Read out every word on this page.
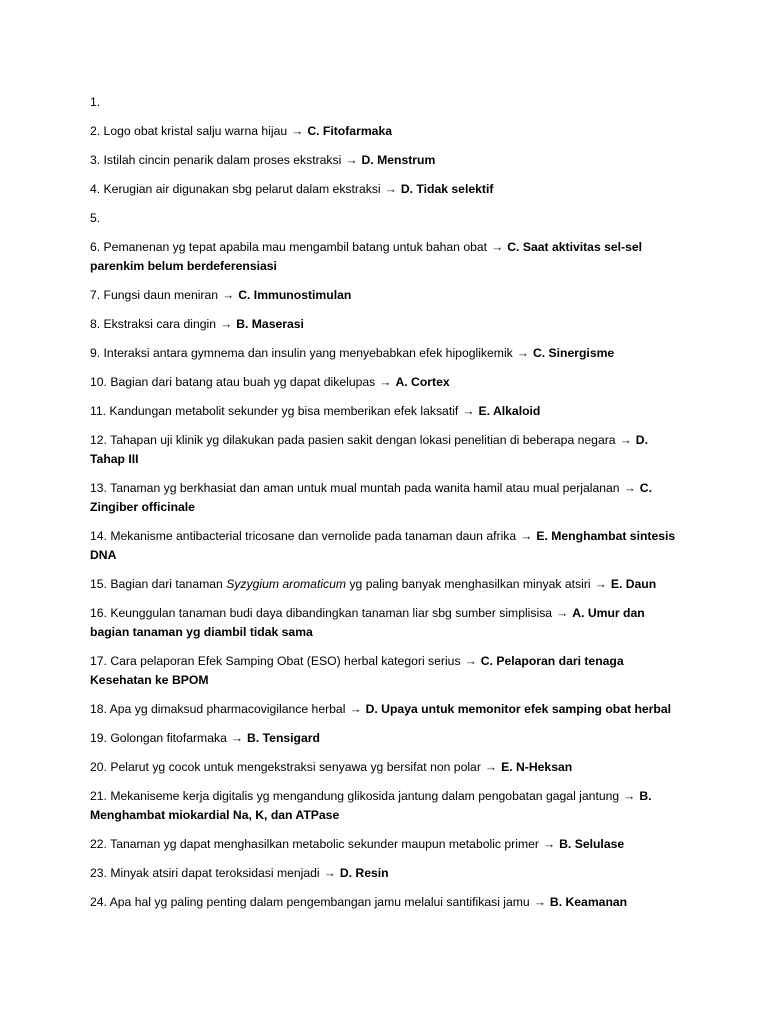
1.
2. Logo obat kristal salju warna hijau → C. Fitofarmaka
3. Istilah cincin penarik dalam proses ekstraksi → D. Menstrum
4. Kerugian air digunakan sbg pelarut dalam ekstraksi → D. Tidak selektif
5.
6. Pemanenan yg tepat apabila mau mengambil batang untuk bahan obat → C. Saat aktivitas sel-sel parenkim belum berdeferensiasi
7. Fungsi daun meniran → C. Immunostimulan
8. Ekstraksi cara dingin → B. Maserasi
9. Interaksi antara gymnema dan insulin yang menyebabkan efek hipoglikemik → C. Sinergisme
10. Bagian dari batang atau buah yg dapat dikelupas → A. Cortex
11. Kandungan metabolit sekunder yg bisa memberikan efek laksatif → E. Alkaloid
12. Tahapan uji klinik yg dilakukan pada pasien sakit dengan lokasi penelitian di beberapa negara → D. Tahap III
13. Tanaman yg berkhasiat dan aman untuk mual muntah pada wanita hamil atau mual perjalanan → C. Zingiber officinale
14. Mekanisme antibacterial tricosane dan vernolide pada tanaman daun afrika → E. Menghambat sintesis DNA
15. Bagian dari tanaman Syzygium aromaticum yg paling banyak menghasilkan minyak atsiri → E. Daun
16. Keunggulan tanaman budi daya dibandingkan tanaman liar sbg sumber simplisisa → A. Umur dan bagian tanaman yg diambil tidak sama
17. Cara pelaporan Efek Samping Obat (ESO) herbal kategori serius → C. Pelaporan dari tenaga Kesehatan ke BPOM
18. Apa yg dimaksud pharmacovigilance herbal → D. Upaya untuk memonitor efek samping obat herbal
19. Golongan fitofarmaka → B. Tensigard
20. Pelarut yg cocok untuk mengekstraksi senyawa yg bersifat non polar → E. N-Heksan
21. Mekaniseme kerja digitalis yg mengandung glikosida jantung dalam pengobatan gagal jantung → B. Menghambat miokardial Na, K, dan ATPase
22. Tanaman yg dapat menghasilkan metabolic sekunder maupun metabolic primer → B. Selulase
23. Minyak atsiri dapat teroksidasi menjadi → D. Resin
24. Apa hal yg paling penting dalam pengembangan jamu melalui santifikasi jamu → B. Keamanan
